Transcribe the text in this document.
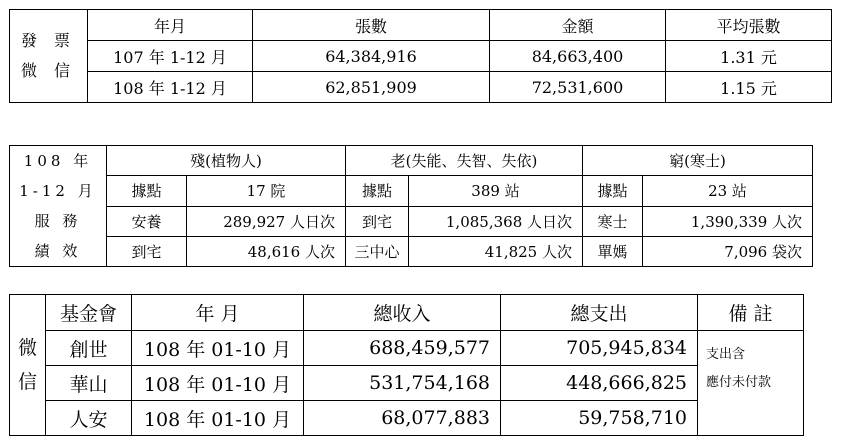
發 票
微 信	年月	張數	金額	平均張數
	107 年 1-12 月	64,384,916	84,663,400	1.31 元
	108 年 1-12 月	62,851,909	72,531,600	1.15 元
108 年
1-12 月
服 務
績 效	殘(植物人)		老(失能、失智、失依)		窮(寒士)	
	據點	17 院	據點	389 站	據點	23 站
	安養	289,927 人日次	到宅	1,085,368 人日次	寒士	1,390,339 人次
	到宅	48,616 人次	三中心	41,825 人次	單媽	7,096 袋次
微
信	基金會	年 月	總收入	總支出	備 註
	創世	108 年 01-10 月	688,459,577	705,945,834	支出含
應付未付款
	華山	108 年 01-10 月	531,754,168	448,666,825	
	人安	108 年 01-10 月	68,077,883	59,758,710	
